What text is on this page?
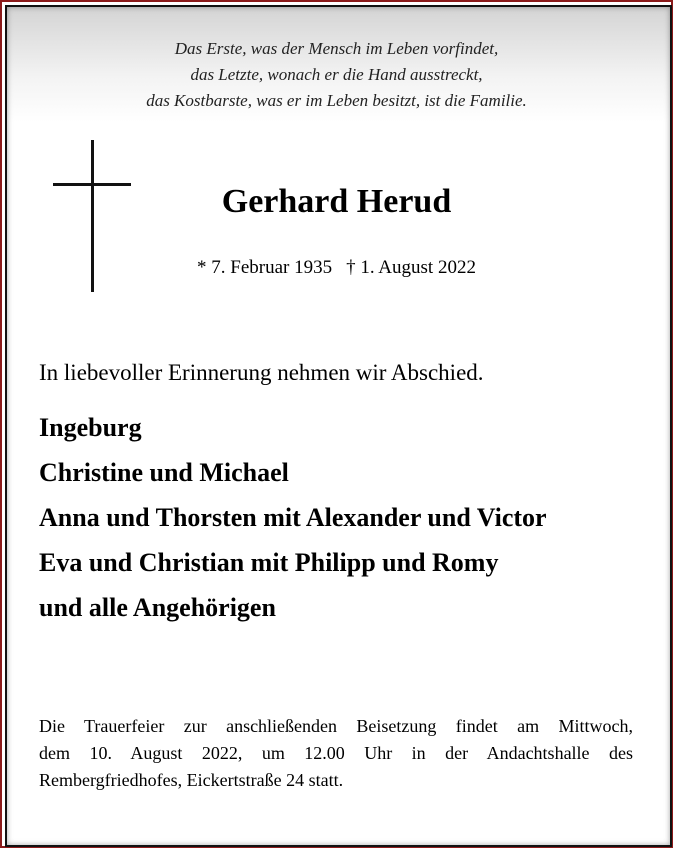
Das Erste, was der Mensch im Leben vorfindet,
das Letzte, wonach er die Hand ausstreckt,
das Kostbarste, was er im Leben besitzt, ist die Familie.
Gerhard Herud
* 7. Februar 1935 † 1. August 2022
In liebevoller Erinnerung nehmen wir Abschied.
Ingeburg
Christine und Michael
Anna und Thorsten mit Alexander und Victor
Eva und Christian mit Philipp und Romy
und alle Angehörigen
Die Trauerfeier zur anschließenden Beisetzung findet am Mittwoch,
dem 10. August 2022, um 12.00 Uhr in der Andachtshalle des
Rembergfriedhofes, Eickertstraße 24 statt.
